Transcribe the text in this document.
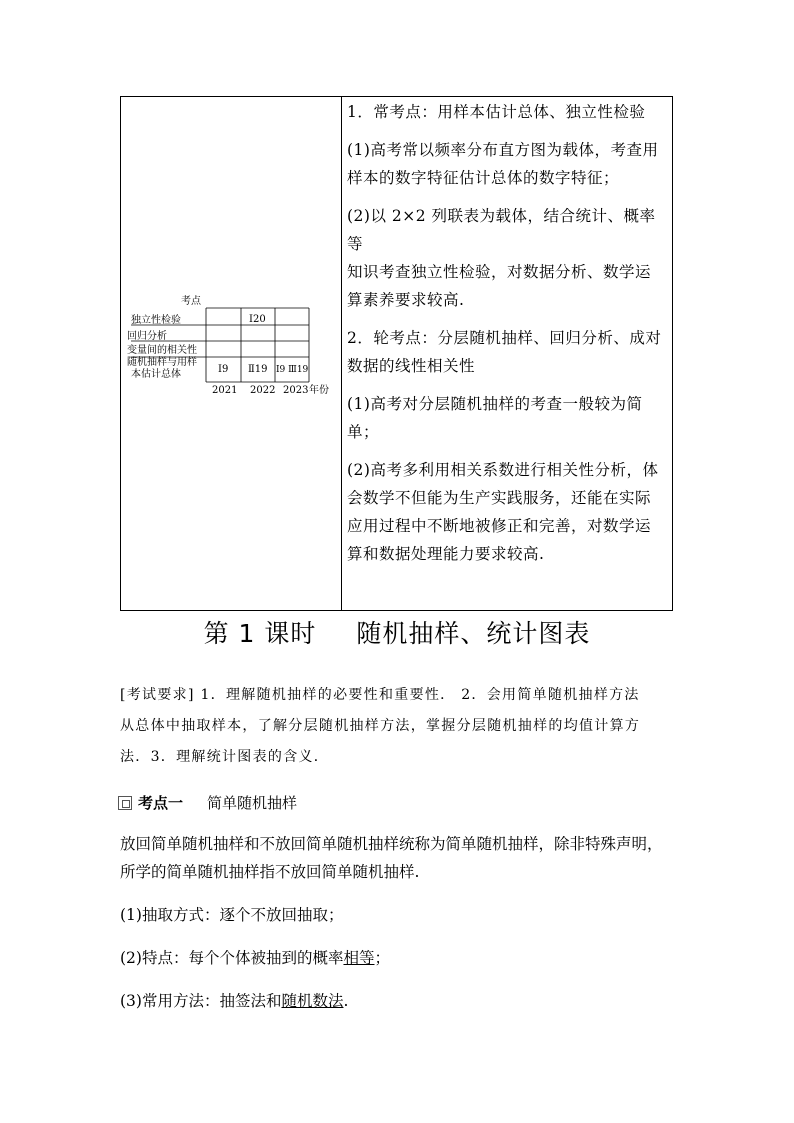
考点
独立性检验
回归分析
变量间的相关性
随机抽样与用样
本估计总体
2021 2022 2023 年份
Ⅰ20
Ⅰ9 Ⅱ19 Ⅰ9 Ⅲ19

1．常考点：用样本估计总体、独立性检验

(1)高考常以频率分布直方图为载体，考查用

样本的数字特征估计总体的数字特征；

(2)以 2×2 列联表为载体，结合统计、概率等

知识考查独立性检验，对数据分析、数学运

算素养要求较高.

2．轮考点：分层随机抽样、回归分析、成对

数据的线性相关性

(1)高考对分层随机抽样的考查一般较为简

单；

(2)高考多利用相关系数进行相关性分析，体

会数学不但能为生产实践服务，还能在实际

应用过程中不断地被修正和完善，对数学运

算和数据处理能力要求较高.

第 1 课时 随机抽样、统计图表

[考试要求] 1．理解随机抽样的必要性和重要性． 2．会用简单随机抽样方法

从总体中抽取样本，了解分层随机抽样方法，掌握分层随机抽样的均值计算方

法．3．理解统计图表的含义．

考点一 简单随机抽样

放回简单随机抽样和不放回简单随机抽样统称为简单随机抽样，除非特殊声明，

所学的简单随机抽样指不放回简单随机抽样.

(1)抽取方式：逐个不放回抽取；

(2)特点：每个个体被抽到的概率相等；

(3)常用方法：抽签法和随机数法.
